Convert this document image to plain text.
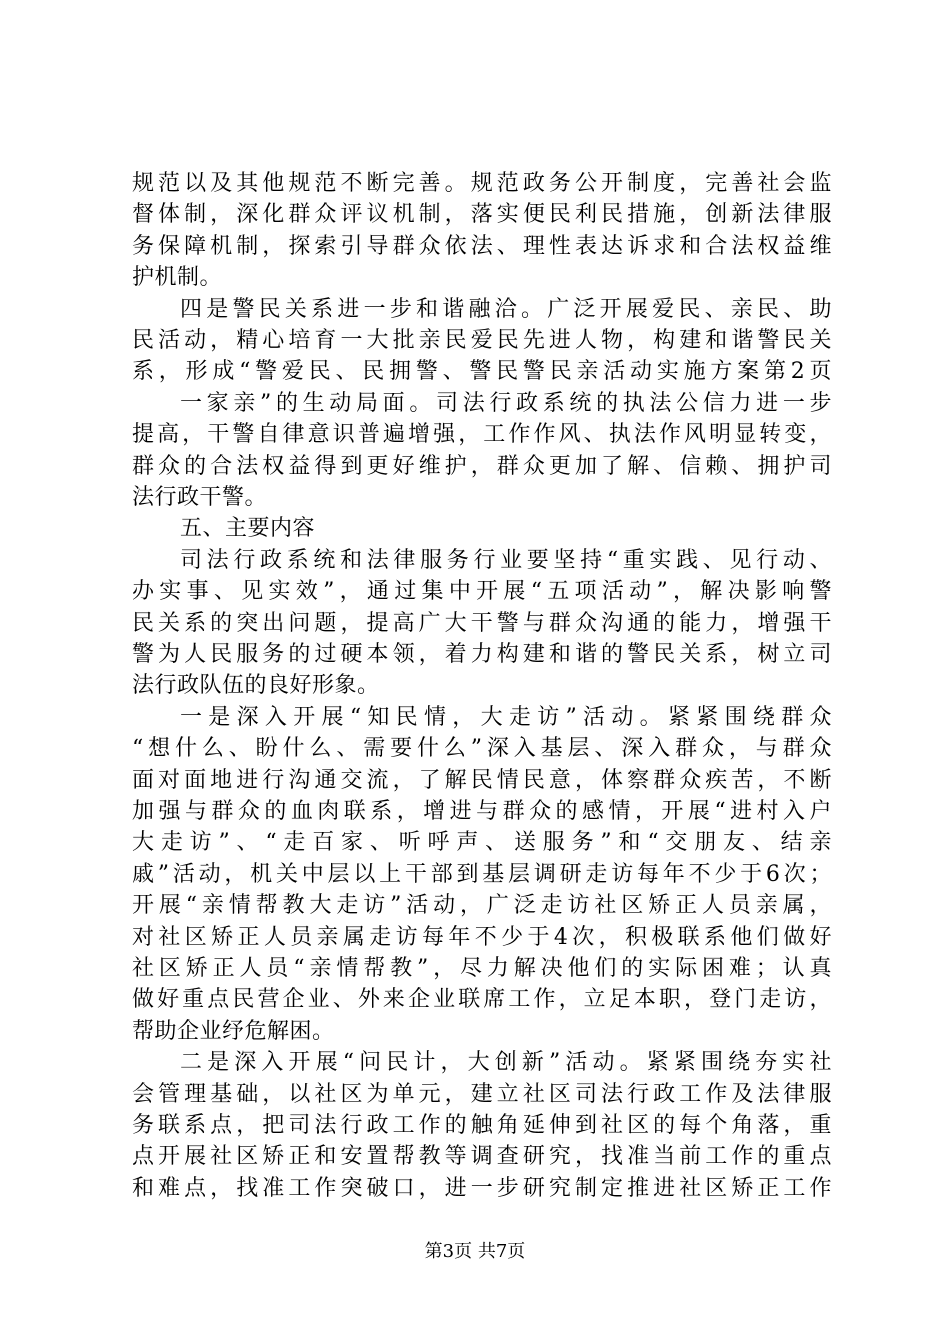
规范以及其他规范不断完善。规范政务公开制度，完善社会监
督体制，深化群众评议机制，落实便民利民措施，创新法律服
务保障机制，探索引导群众依法、理性表达诉求和合法权益维
护机制。
四是警民关系进一步和谐融洽。广泛开展爱民、亲民、助
民活动，精心培育一大批亲民爱民先进人物，构建和谐警民关
系，形成“警爱民、民拥警、警民警民亲活动实施方案第2页
一家亲”的生动局面。司法行政系统的执法公信力进一步
提高，干警自律意识普遍增强，工作作风、执法作风明显转变，
群众的合法权益得到更好维护，群众更加了解、信赖、拥护司
法行政干警。
五、主要内容
司法行政系统和法律服务行业要坚持“重实践、见行动、
办实事、见实效”，通过集中开展“五项活动”，解决影响警
民关系的突出问题，提高广大干警与群众沟通的能力，增强干
警为人民服务的过硬本领，着力构建和谐的警民关系，树立司
法行政队伍的良好形象。
一是深入开展“知民情，大走访”活动。紧紧围绕群众
“想什么、盼什么、需要什么”深入基层、深入群众，与群众
面对面地进行沟通交流，了解民情民意，体察群众疾苦，不断
加强与群众的血肉联系，增进与群众的感情，开展“进村入户
大走访”、“走百家、听呼声、送服务”和“交朋友、结亲
戚”活动，机关中层以上干部到基层调研走访每年不少于6次；
开展“亲情帮教大走访”活动，广泛走访社区矫正人员亲属，
对社区矫正人员亲属走访每年不少于4次，积极联系他们做好
社区矫正人员“亲情帮教”，尽力解决他们的实际困难；认真
做好重点民营企业、外来企业联席工作，立足本职，登门走访，
帮助企业纾危解困。
二是深入开展“问民计，大创新”活动。紧紧围绕夯实社
会管理基础，以社区为单元，建立社区司法行政工作及法律服
务联系点，把司法行政工作的触角延伸到社区的每个角落，重
点开展社区矫正和安置帮教等调查研究，找准当前工作的重点
和难点，找准工作突破口，进一步研究制定推进社区矫正工作
第3页 共7页
